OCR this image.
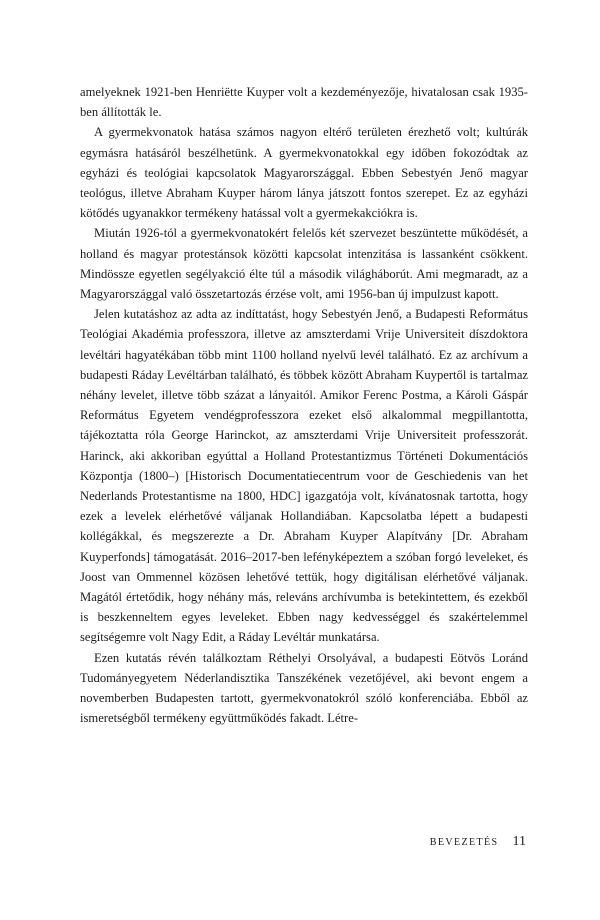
amelyeknek 1921-ben Henriëtte Kuyper volt a kezdeményezője, hivatalosan csak 1935-ben állították le.

A gyermekvonatok hatása számos nagyon eltérő területen érezhető volt; kultúrák egymásra hatásáról beszélhetünk. A gyermekvonatokkal egy időben fokozódtak az egyházi és teológiai kapcsolatok Magyarországgal. Ebben Sebestyén Jenő magyar teológus, illetve Abraham Kuyper három lánya játszott fontos szerepet. Ez az egyházi kötődés ugyanakkor termékeny hatással volt a gyermekakciókra is.

Miután 1926-tól a gyermekvonatokért felelős két szervezet beszüntette működését, a holland és magyar protestánsok közötti kapcsolat intenzitása is lassanként csökkent. Mindössze egyetlen segélyakció élte túl a második világháborút. Ami megmaradt, az a Magyarországgal való összetartozás érzése volt, ami 1956-ban új impulzust kapott.

Jelen kutatáshoz az adta az indíttatást, hogy Sebestyén Jenő, a Budapesti Református Teológiai Akadémia professzora, illetve az amszterdami Vrije Universiteit díszdoktora levéltári hagyatékában több mint 1100 holland nyelvű levél található. Ez az archívum a budapesti Ráday Levéltárban található, és többek között Abraham Kuypertől is tartalmaz néhány levelet, illetve több százat a lányaitól. Amikor Ferenc Postma, a Károli Gáspár Református Egyetem vendégprofesszora ezeket első alkalommal megpillantotta, tájékoztatta róla George Harinckot, az amszterdami Vrije Universiteit professzorát. Harinck, aki akkoriban egyúttal a Holland Protestantizmus Történeti Dokumentációs Központja (1800–) [Historisch Documentatiecentrum voor de Geschiedenis van het Nederlands Protestantisme na 1800, HDC] igazgatója volt, kívánatosnak tartotta, hogy ezek a levelek elérhetővé váljanak Hollandiában. Kapcsolatba lépett a budapesti kollégákkal, és megszerezte a Dr. Abraham Kuyper Alapítvány [Dr. Abraham Kuyperfonds] támogatását. 2016–2017-ben lefényképeztem a szóban forgó leveleket, és Joost van Ommennel közösen lehetővé tettük, hogy digitálisan elérhetővé váljanak. Magától értetődik, hogy néhány más, releváns archívumba is betekintettem, és ezekből is beszkenneltem egyes leveleket. Ebben nagy kedvességgel és szakértelemmel segítségemre volt Nagy Edit, a Ráday Levéltár munkatársa.

Ezen kutatás révén találkoztam Réthelyi Orsolyával, a budapesti Eötvös Loránd Tudományegyetem Néderlandisztika Tanszékének vezetőjével, aki bevont engem a novemberben Budapesten tartott, gyermekvonatokról szóló konferenciába. Ebből az ismeretségből termékeny együttműködés fakadt. Létre-

BEVEZETÉS 11
